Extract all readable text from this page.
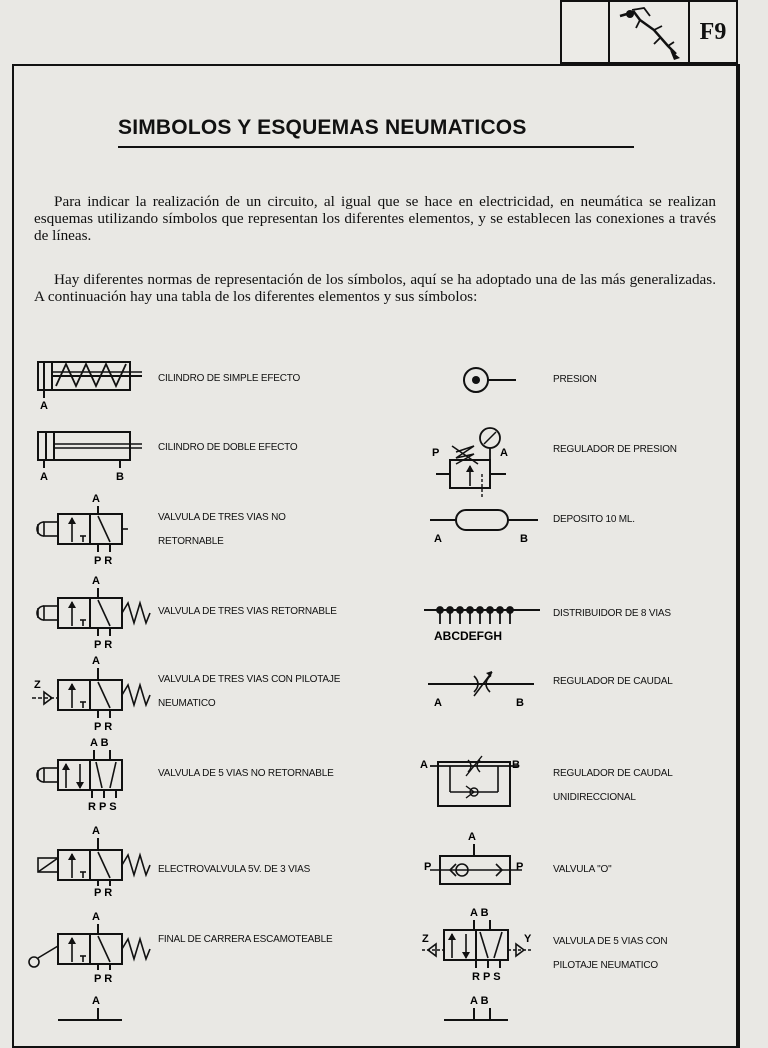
F9
SIMBOLOS Y ESQUEMAS NEUMATICOS
Para indicar la realización de un circuito, al igual que se hace en electricidad, en neumática se realizan esquemas utilizando símbolos que representan los diferentes elementos, y se establecen las conexiones a través de líneas.
Hay diferentes normas de representación de los símbolos, aquí se ha adoptado una de las más generalizadas. A continuación hay una tabla de los diferentes elementos y sus símbolos:
A
CILINDRO DE SIMPLE EFECTO
A	B
CILINDRO DE DOBLE EFECTO
A
P R
VALVULA DE TRES VIAS NO RETORNABLE
A
P R
VALVULA DE TRES VIAS RETORNABLE
A
Z
P R
VALVULA DE TRES VIAS CON PILOTAJE NEUMATICO
A B
R P S
VALVULA DE 5 VIAS NO RETORNABLE
A
P R
ELECTROVALVULA 5V. DE 3 VIAS
A
P R
FINAL DE CARRERA ESCAMOTEABLE
A
PRESION
P	A	REGULADOR DE PRESION
A	B
DEPOSITO 10 ML.
ABCDEFGH
DISTRIBUIDOR DE 8 VIAS
A	B
REGULADOR DE CAUDAL
A	B
REGULADOR DE CAUDAL UNIDIRECCIONAL
A
P	P	VALVULA "O"
A B
Z	Y
R P S
VALVULA DE 5 VIAS CON PILOTAJE NEUMATICO
A B
